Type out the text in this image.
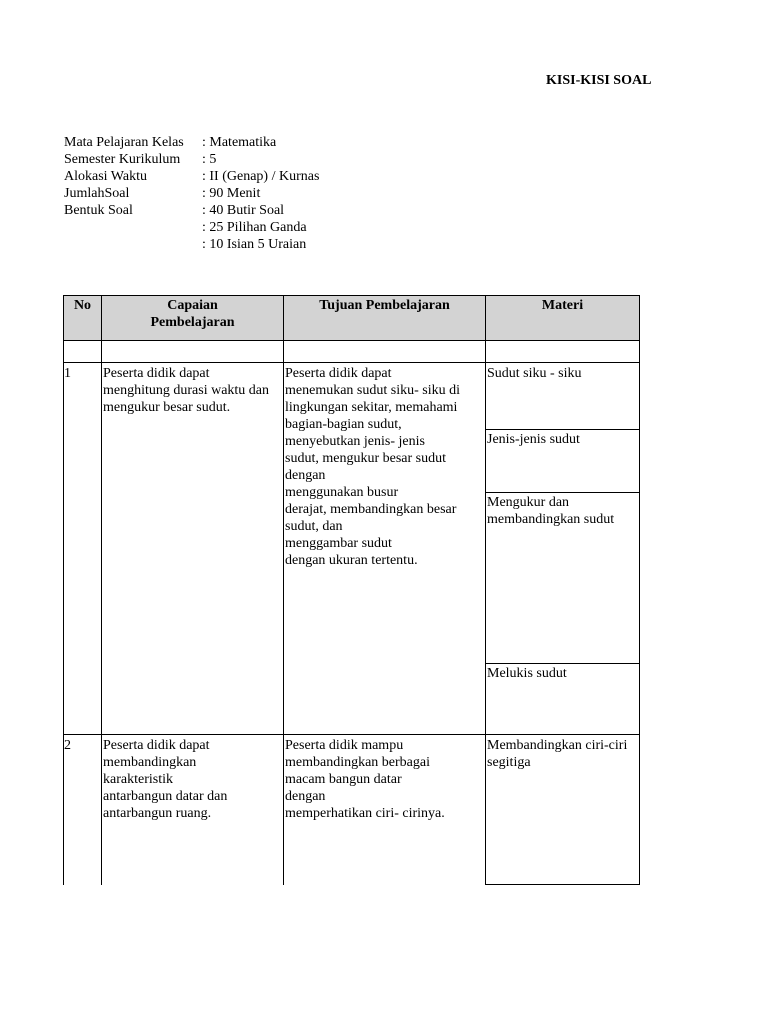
KISI-KISI SOAL
Mata Pelajaran Kelas
Semester Kurikulum
Alokasi Waktu
JumlahSoal
Bentuk Soal
: Matematika
: 5
: II (Genap) / Kurnas
: 90 Menit
: 40 Butir Soal
: 25 Pilihan Ganda
: 10 Isian 5 Uraian
No	Capaian
Pembelajaran
Tujuan Pembelajaran	Materi
1 Peserta didik dapat
menghitung durasi waktu dan
mengukur besar sudut.
Peserta didik dapat
menemukan sudut siku- siku di
lingkungan sekitar, memahami
bagian-bagian sudut,
menyebutkan jenis- jenis
sudut, mengukur besar sudut
dengan
menggunakan busur
derajat, membandingkan besar
sudut, dan
menggambar sudut
dengan ukuran tertentu.
Sudut siku - siku
Jenis-jenis sudut
Mengukur dan
membandingkan sudut
Melukis sudut
2 Peserta didik dapat
membandingkan
karakteristik
antarbangun datar dan
antarbangun ruang.
Peserta didik mampu
membandingkan berbagai
macam bangun datar
dengan
memperhatikan ciri- cirinya.
Membandingkan ciri-ciri
segitiga
